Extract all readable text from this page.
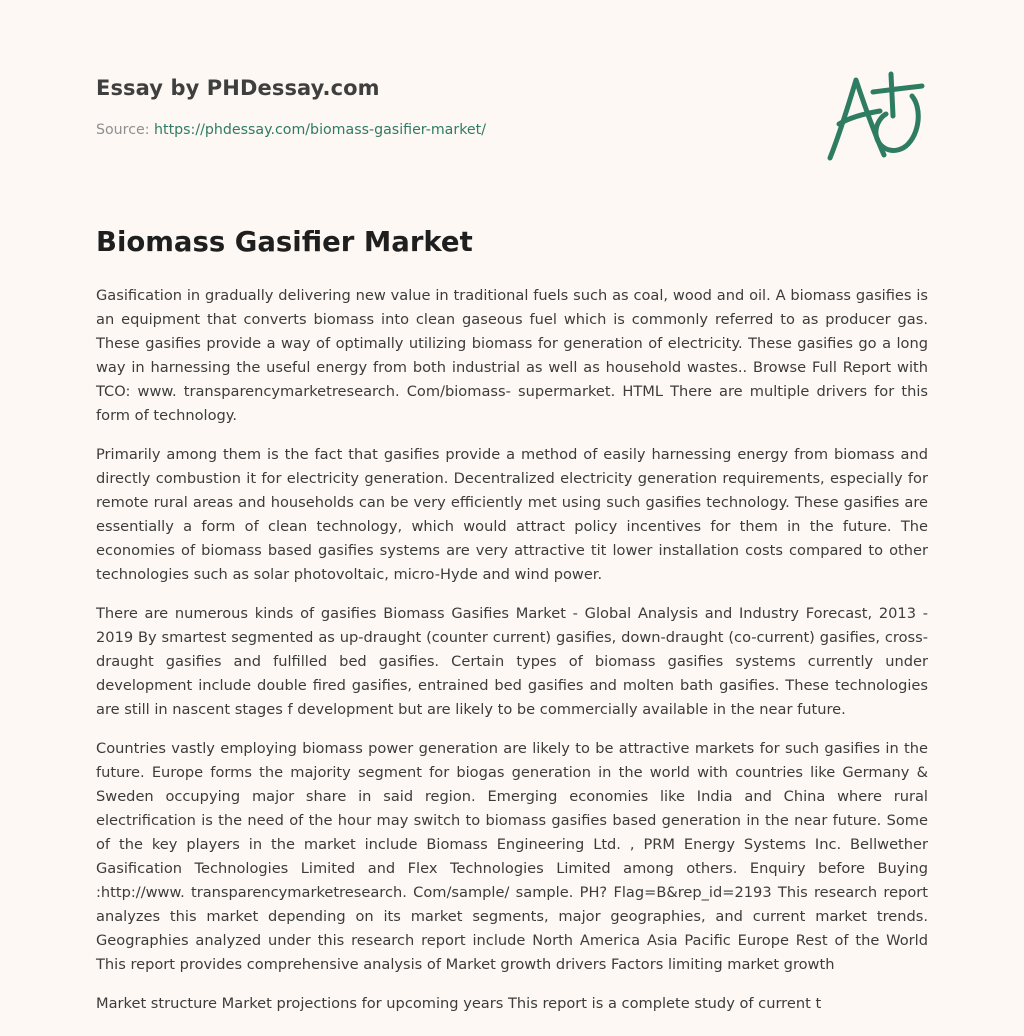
Essay by PHDessay.com
Source: https://phdessay.com/biomass-gasifier-market/
Biomass Gasifier Market

Gasification in gradually delivering new value in traditional fuels such as coal, wood and oil. A biomass gasifies is an equipment that converts biomass into clean gaseous fuel which is commonly referred to as producer gas. These gasifies provide a way of optimally utilizing biomass for generation of electricity. These gasifies go a long way in harnessing the useful energy from both industrial as well as household wastes.. Browse Full Report with TCO: www. transparencymarketresearch. Com/biomass- supermarket. HTML There are multiple drivers for this form of technology.

Primarily among them is the fact that gasifies provide a method of easily harnessing energy from biomass and directly combustion it for electricity generation. Decentralized electricity generation requirements, especially for remote rural areas and households can be very efficiently met using such gasifies technology. These gasifies are essentially a form of clean technology, which would attract policy incentives for them in the future. The economies of biomass based gasifies systems are very attractive tit lower installation costs compared to other technologies such as solar photovoltaic, micro-Hyde and wind power.

There are numerous kinds of gasifies Biomass Gasifies Market - Global Analysis and Industry Forecast, 2013 - 2019 By smartest segmented as up-draught (counter current) gasifies, down-draught (co-current) gasifies, cross-draught gasifies and fulfilled bed gasifies. Certain types of biomass gasifies systems currently under development include double fired gasifies, entrained bed gasifies and molten bath gasifies. These technologies are still in nascent stages f development but are likely to be commercially available in the near future.

Countries vastly employing biomass power generation are likely to be attractive markets for such gasifies in the future. Europe forms the majority segment for biogas generation in the world with countries like Germany & Sweden occupying major share in said region. Emerging economies like India and China where rural electrification is the need of the hour may switch to biomass gasifies based generation in the near future. Some of the key players in the market include Biomass Engineering Ltd. , PRM Energy Systems Inc. Bellwether Gasification Technologies Limited and Flex Technologies Limited among others. Enquiry before Buying :http://www. transparencymarketresearch. Com/sample/ sample. PH? Flag=B&rep_id=2193 This research report analyzes this market depending on its market segments, major geographies, and current market trends. Geographies analyzed under this research report include North America Asia Pacific Europe Rest of the World This report provides comprehensive analysis of Market growth drivers Factors limiting market growth

Market structure Market projections for upcoming years This report is a complete study of current t
